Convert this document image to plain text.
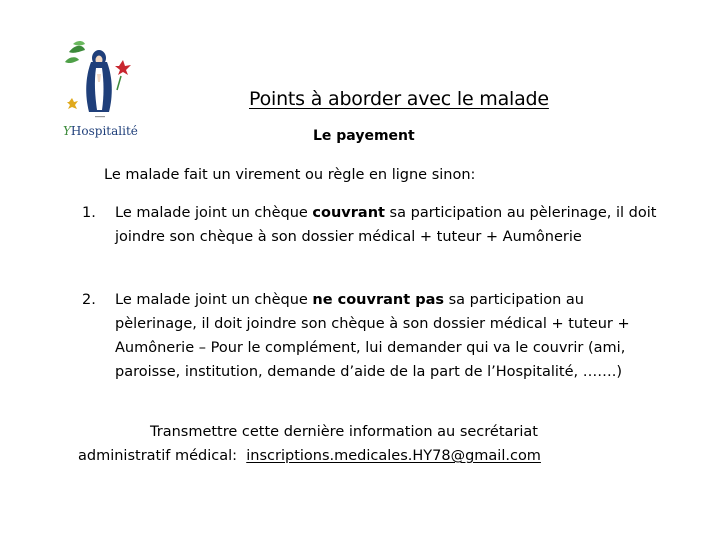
YHospitalité
Points à aborder avec le malade
Le payement
Le malade fait un virement ou règle en ligne sinon:
1. Le malade joint un chèque couvrant sa participation au pèlerinage, il doit joindre son chèque à son dossier médical + tuteur + Aumônerie
2. Le malade joint un chèque ne couvrant pas sa participation au pèlerinage, il doit joindre son chèque à son dossier médical + tuteur + Aumônerie – Pour le complément, lui demander qui va le couvrir (ami, paroisse, institution, demande d’aide de la part de l’Hospitalité, …….)
Transmettre cette dernière information au secrétariat
administratif médical:  inscriptions.medicales.HY78@gmail.com
